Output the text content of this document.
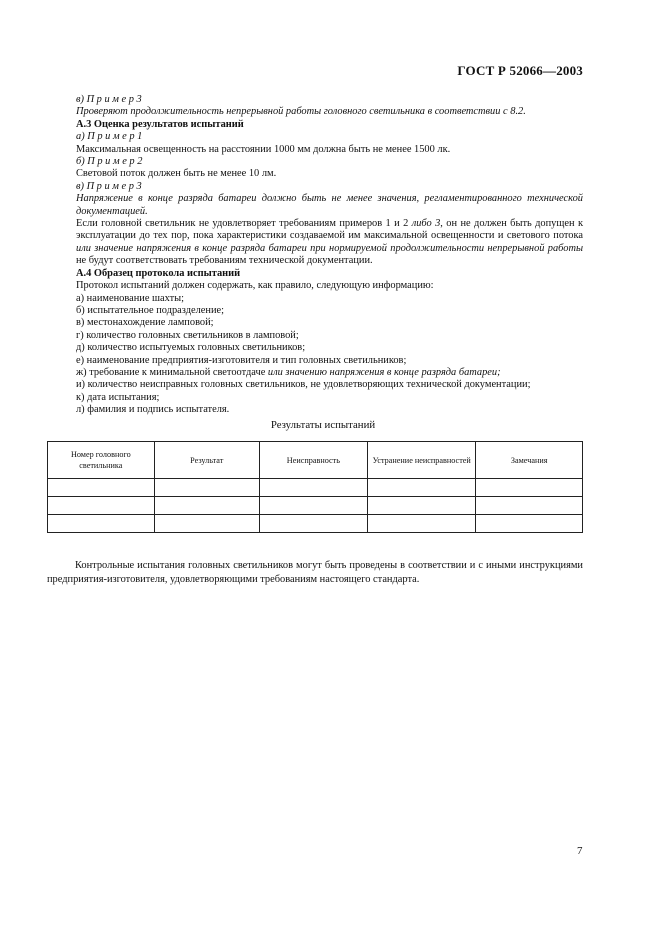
ГОСТ Р 52066—2003

в) П р и м е р 3

Проверяют продолжительность непрерывной работы головного светильника в соответствии с 8.2.

А.3 Оценка результатов испытаний

а) П р и м е р 1

Максимальная освещенность на расстоянии 1000 мм должна быть не менее 1500 лк.

б) П р и м е р 2

Световой поток должен быть не менее 10 лм.

в) П р и м е р 3

Напряжение в конце разряда батареи должно быть не менее значения, регламентированного технической документацией.

Если головной светильник не удовлетворяет требованиям примеров 1 и 2 либо 3, он не должен быть допущен к эксплуатации до тех пор, пока характеристики создаваемой им максимальной освещенности и светового потока или значение напряжения в конце разряда батареи при нормируемой продолжительности непрерывной работы не будут соответствовать требованиям технической документации.

А.4 Образец протокола испытаний

Протокол испытаний должен содержать, как правило, следующую информацию:

а) наименование шахты;

б) испытательное подразделение;

в) местонахождение ламповой;

г) количество головных светильников в ламповой;

д) количество испытуемых головных светильников;

е) наименование предприятия-изготовителя и тип головных светильников;

ж) требование к минимальной светоотдаче или значению напряжения в конце разряда батареи;

и) количество неисправных головных светильников, не удовлетворяющих технической документации;

к) дата испытания;

л) фамилия и подпись испытателя.

Результаты испытаний
Номер головного светильника	Результат	Неисправность	Устранение неисправностей	Замечания

Контрольные испытания головных светильников могут быть проведены в соответствии и с иными инструкциями предприятия-изготовителя, удовлетворяющими требованиям настоящего стандарта.

7
